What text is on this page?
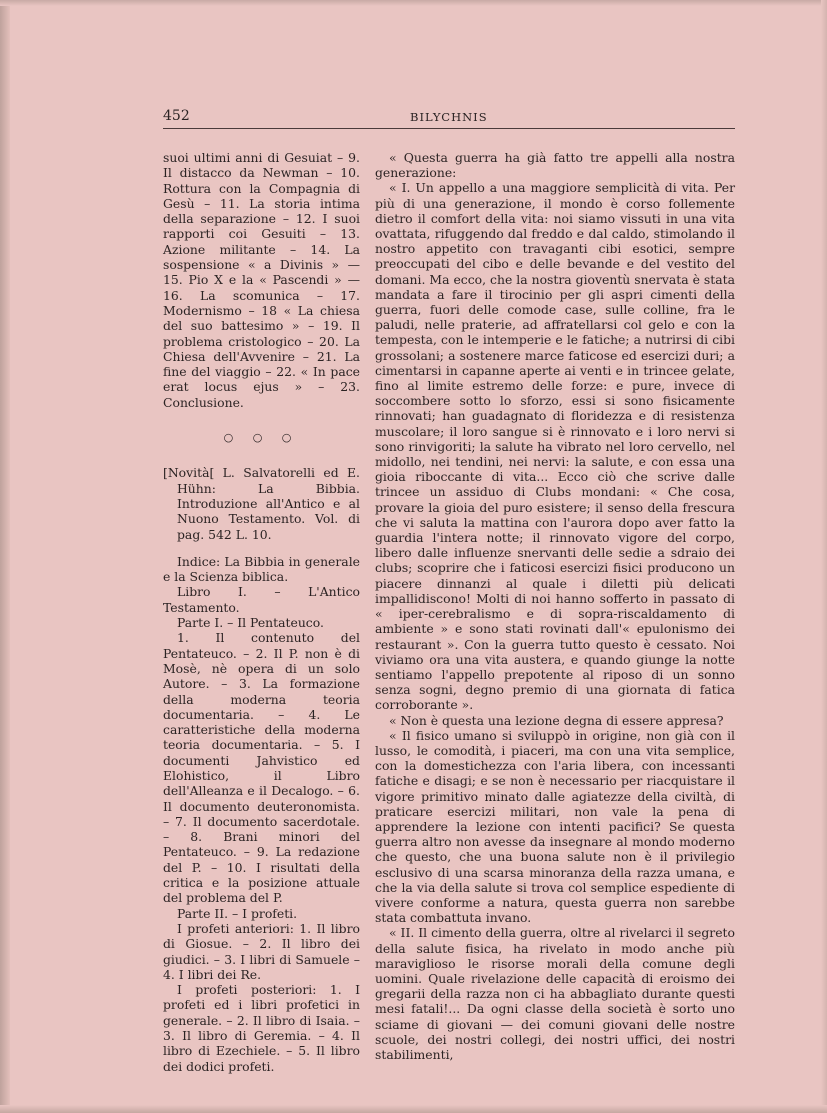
452	BILYCHNIS

suoi ultimi anni di Gesuiat – 9. Il distacco da Newman – 10. Rottura con la Compagnia di Gesù – 11. La storia intima della separazione – 12. I suoi rapporti coi Gesuiti – 13. Azione militante – 14. La sospensione « a Divinis » — 15. Pio X e la « Pascendi » — 16. La scomunica – 17. Modernismo – 18 « La chiesa del suo battesimo » – 19. Il problema cristologico – 20. La Chiesa dell'Avvenire – 21. La fine del viaggio – 22. « In pace erat locus ejus » – 23. Conclusione.

○ ○ ○

[Novità[ L. Salvatorelli ed E. Hühn: La Bibbia. Introduzione all'Antico e al Nuono Testamento. Vol. di pag. 542 L. 10.

Indice: La Bibbia in generale e la Scienza biblica.

Libro I. – L'Antico Testamento.

Parte I. – Il Pentateuco.

1. Il contenuto del Pentateuco. – 2. Il P. non è di Mosè, nè opera di un solo Autore. – 3. La formazione della moderna teoria documentaria. – 4. Le caratteristiche della moderna teoria documentaria. – 5. I documenti Jahvistico ed Elohistico, il Libro dell'Alleanza e il Decalogo. – 6. Il documento deuteronomista. – 7. Il documento sacerdotale. – 8. Brani minori del Pentateuco. – 9. La redazione del P. – 10. I risultati della critica e la posizione attuale del problema del P.

Parte II. – I profeti.

I profeti anteriori: 1. Il libro di Giosue. – 2. Il libro dei giudici. – 3. I libri di Samuele – 4. I libri dei Re.

I profeti posteriori: 1. I profeti ed i libri profetici in generale. – 2. Il libro di Isaia. – 3. Il libro di Geremia. – 4. Il libro di Ezechiele. – 5. Il libro dei dodici profeti.

« Questa guerra ha già fatto tre appelli alla nostra generazione:

« I. Un appello a una maggiore semplicità di vita. Per più di una generazione, il mondo è corso follemente dietro il comfort della vita: noi siamo vissuti in una vita ovattata, rifuggendo dal freddo e dal caldo, stimolando il nostro appetito con travaganti cibi esotici, sempre preoccupati del cibo e delle bevande e del vestito del domani. Ma ecco, che la nostra gioventù snervata è stata mandata a fare il tirocinio per gli aspri cimenti della guerra, fuori delle comode case, sulle colline, fra le paludi, nelle praterie, ad affratellarsi col gelo e con la tempesta, con le intemperie e le fatiche; a nutrirsi di cibi grossolani; a sostenere marce faticose ed esercizi duri; a cimentarsi in capanne aperte ai venti e in trincee gelate, fino al limite estremo delle forze: e pure, invece di soccombere sotto lo sforzo, essi si sono fisicamente rinnovati; han guadagnato di floridezza e di resistenza muscolare; il loro sangue si è rinnovato e i loro nervi si sono rinvigoriti; la salute ha vibrato nel loro cervello, nel midollo, nei tendini, nei nervi: la salute, e con essa una gioia riboccante di vita... Ecco ciò che scrive dalle trincee un assiduo di Clubs mondani: « Che cosa, provare la gioia del puro esistere; il senso della frescura che vi saluta la mattina con l'aurora dopo aver fatto la guardia l'intera notte; il rinnovato vigore del corpo, libero dalle influenze snervanti delle sedie a sdraio dei clubs; scoprire che i faticosi esercizi fisici producono un piacere dinnanzi al quale i diletti più delicati impallidiscono! Molti di noi hanno sofferto in passato di « iper-cerebralismo e di sopra-riscaldamento di ambiente » e sono stati rovinati dall'« epulonismo dei restaurant ». Con la guerra tutto questo è cessato. Noi viviamo ora una vita austera, e quando giunge la notte sentiamo l'appello prepotente al riposo di un sonno senza sogni, degno premio di una giornata di fatica corroborante ».

« Non è questa una lezione degna di essere appresa?

« Il fisico umano si sviluppò in origine, non già con il lusso, le comodità, i piaceri, ma con una vita semplice, con la domestichezza con l'aria libera, con incessanti fatiche e disagi; e se non è necessario per riacquistare il vigore primitivo minato dalle agiatezze della civiltà, di praticare esercizi militari, non vale la pena di apprendere la lezione con intenti pacifici? Se questa guerra altro non avesse da insegnare al mondo moderno che questo, che una buona salute non è il privilegio esclusivo di una scarsa minoranza della razza umana, e che la via della salute si trova col semplice espediente di vivere conforme a natura, questa guerra non sarebbe stata combattuta invano.

« II. Il cimento della guerra, oltre al rivelarci il segreto della salute fisica, ha rivelato in modo anche più maraviglioso le risorse morali della comune degli uomini. Quale rivelazione delle capacità di eroismo dei gregarii della razza non ci ha abbagliato durante questi mesi fatali!... Da ogni classe della società è sorto uno sciame di giovani — dei comuni giovani delle nostre scuole, dei nostri collegi, dei nostri uffici, dei nostri stabilimenti,
